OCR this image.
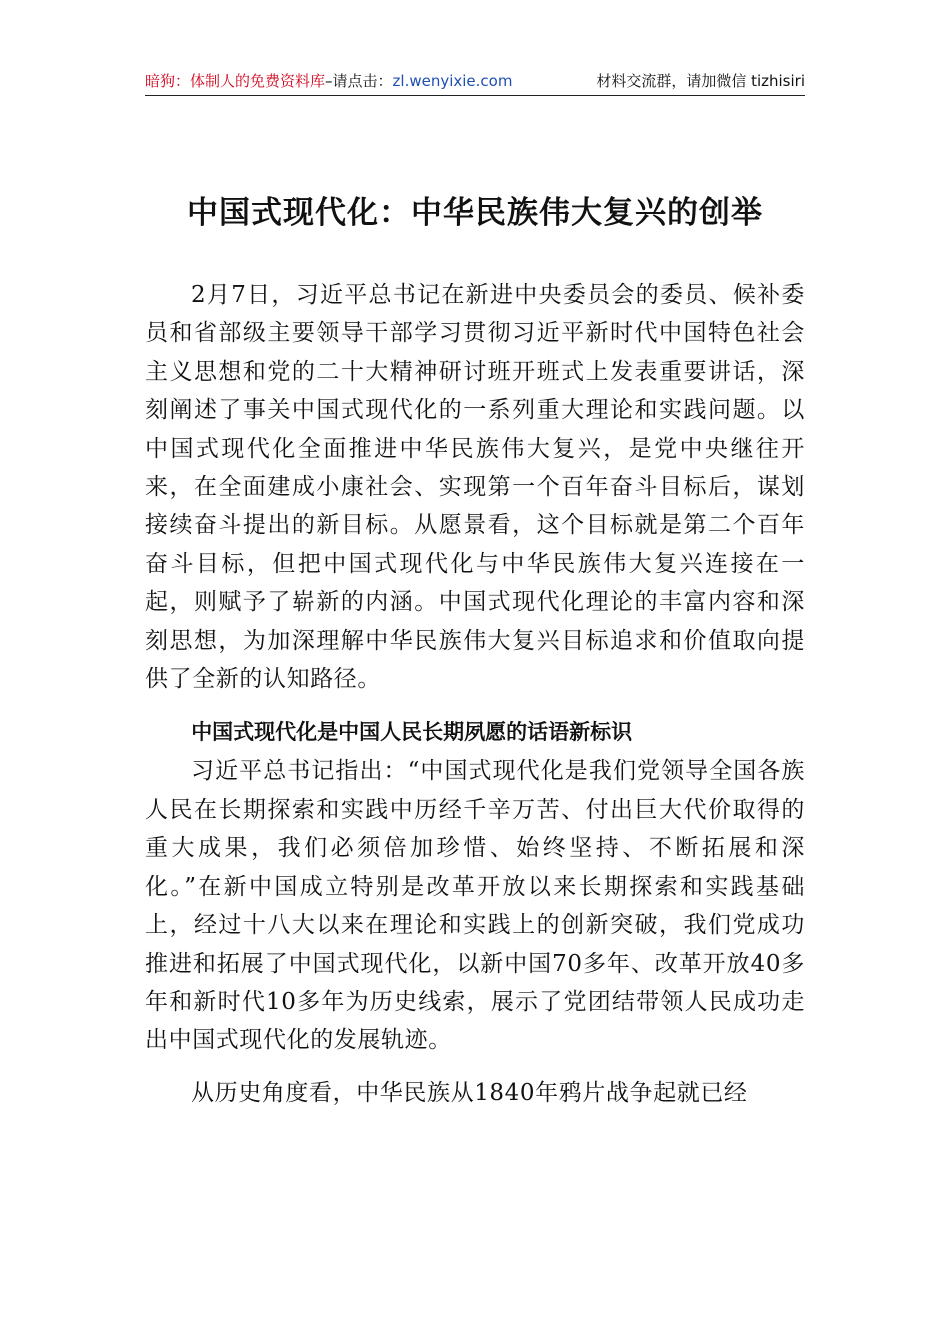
暗狗：体制人的免费资料库–请点击：zl.wenyixie.com	材料交流群，请加微信 tizhisiri
中国式现代化：中华民族伟大复兴的创举

2月7日，习近平总书记在新进中央委员会的委员、候补委员和省部级主要领导干部学习贯彻习近平新时代中国特色社会主义思想和党的二十大精神研讨班开班式上发表重要讲话，深刻阐述了事关中国式现代化的一系列重大理论和实践问题。以中国式现代化全面推进中华民族伟大复兴，是党中央继往开来，在全面建成小康社会、实现第一个百年奋斗目标后，谋划接续奋斗提出的新目标。从愿景看，这个目标就是第二个百年奋斗目标，但把中国式现代化与中华民族伟大复兴连接在一起，则赋予了崭新的内涵。中国式现代化理论的丰富内容和深刻思想，为加深理解中华民族伟大复兴目标追求和价值取向提供了全新的认知路径。

中国式现代化是中国人民长期夙愿的话语新标识

习近平总书记指出：“中国式现代化是我们党领导全国各族人民在长期探索和实践中历经千辛万苦、付出巨大代价取得的重大成果，我们必须倍加珍惜、始终坚持、不断拓展和深化。”在新中国成立特别是改革开放以来长期探索和实践基础上，经过十八大以来在理论和实践上的创新突破，我们党成功推进和拓展了中国式现代化，以新中国70多年、改革开放40多年和新时代10多年为历史线索，展示了党团结带领人民成功走出中国式现代化的发展轨迹。

从历史角度看，中华民族从1840年鸦片战争起就已经
